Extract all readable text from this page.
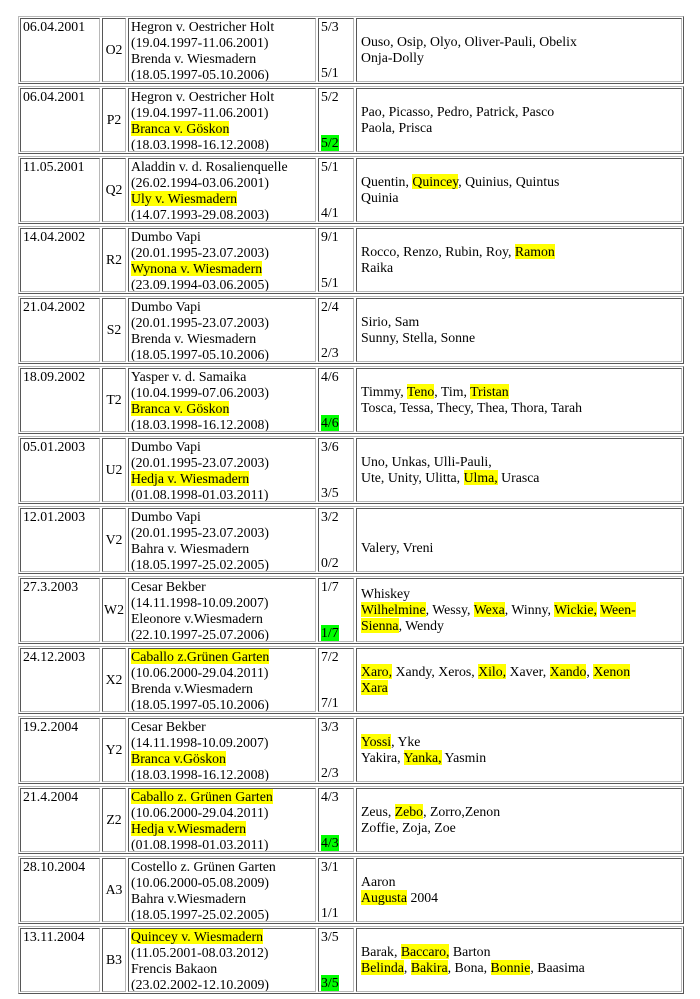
06.04.2001
O2
Hegron v. Oestricher Holt
(19.04.1997-11.06.2001)
Brenda v. Wiesmadern
(18.05.1997-05.10.2006)
5/3
5/1
Ouso, Osip, Olyo, Oliver-Pauli, Obelix
Onja-Dolly
06.04.2001
P2
Hegron v. Oestricher Holt
(19.04.1997-11.06.2001)
Branca v. Göskon
(18.03.1998-16.12.2008)
5/2
5/2
Pao, Picasso, Pedro, Patrick, Pasco
Paola, Prisca
11.05.2001
Q2
Aladdin v. d. Rosalienquelle
(26.02.1994-03.06.2001)
Uly v. Wiesmadern
(14.07.1993-29.08.2003)
5/1
4/1
Quentin, Quincey, Quinius, Quintus
Quinia
14.04.2002
R2
Dumbo Vapi
(20.01.1995-23.07.2003)
Wynona v. Wiesmadern
(23.09.1994-03.06.2005)
9/1
5/1
Rocco, Renzo, Rubin, Roy, Ramon
Raika
21.04.2002
S2
Dumbo Vapi
(20.01.1995-23.07.2003)
Brenda v. Wiesmadern
(18.05.1997-05.10.2006)
2/4
2/3
Sirio, Sam
Sunny, Stella, Sonne
18.09.2002
T2
Yasper v. d. Samaika
(10.04.1999-07.06.2003)
Branca v. Göskon
(18.03.1998-16.12.2008)
4/6
4/6
Timmy, Teno, Tim, Tristan
Tosca, Tessa, Thecy, Thea, Thora, Tarah
05.01.2003
U2
Dumbo Vapi
(20.01.1995-23.07.2003)
Hedja v. Wiesmadern
(01.08.1998-01.03.2011)
3/6
3/5
Uno, Unkas, Ulli-Pauli,
Ute, Unity, Ulitta, Ulma, Urasca
12.01.2003
V2
Dumbo Vapi
(20.01.1995-23.07.2003)
Bahra v. Wiesmadern
(18.05.1997-25.02.2005)
3/2
0/2

Valery, Vreni
27.3.2003
W2
Cesar Bekber
(14.11.1998-10.09.2007)
Eleonore v.Wiesmadern
(22.10.1997-25.07.2006)
1/7
1/7
Whiskey
Wilhelmine, Wessy, Wexa, Winny, Wickie, Ween-
Sienna, Wendy
24.12.2003
X2
Caballo z.Grünen Garten
(10.06.2000-29.04.2011)
Brenda v.Wiesmadern
(18.05.1997-05.10.2006)
7/2
7/1
Xaro, Xandy, Xeros, Xilo, Xaver, Xando, Xenon
Xara
19.2.2004
Y2
Cesar Bekber
(14.11.1998-10.09.2007)
Branca v.Göskon
(18.03.1998-16.12.2008)
3/3
2/3
Yossi, Yke
Yakira, Yanka, Yasmin
21.4.2004
Z2
Caballo z. Grünen Garten
(10.06.2000-29.04.2011)
Hedja v.Wiesmadern
(01.08.1998-01.03.2011)
4/3
4/3
Zeus, Zebo, Zorro,Zenon
Zoffie, Zoja, Zoe
28.10.2004
A3
Costello z. Grünen Garten
(10.06.2000-05.08.2009)
Bahra v.Wiesmadern
(18.05.1997-25.02.2005)
3/1
1/1
Aaron
Augusta 2004
13.11.2004
B3
Quincey v. Wiesmadern
(11.05.2001-08.03.2012)
Frencis Bakaon
(23.02.2002-12.10.2009)
3/5
3/5
Barak, Baccaro, Barton
Belinda, Bakira, Bona, Bonnie, Baasima
